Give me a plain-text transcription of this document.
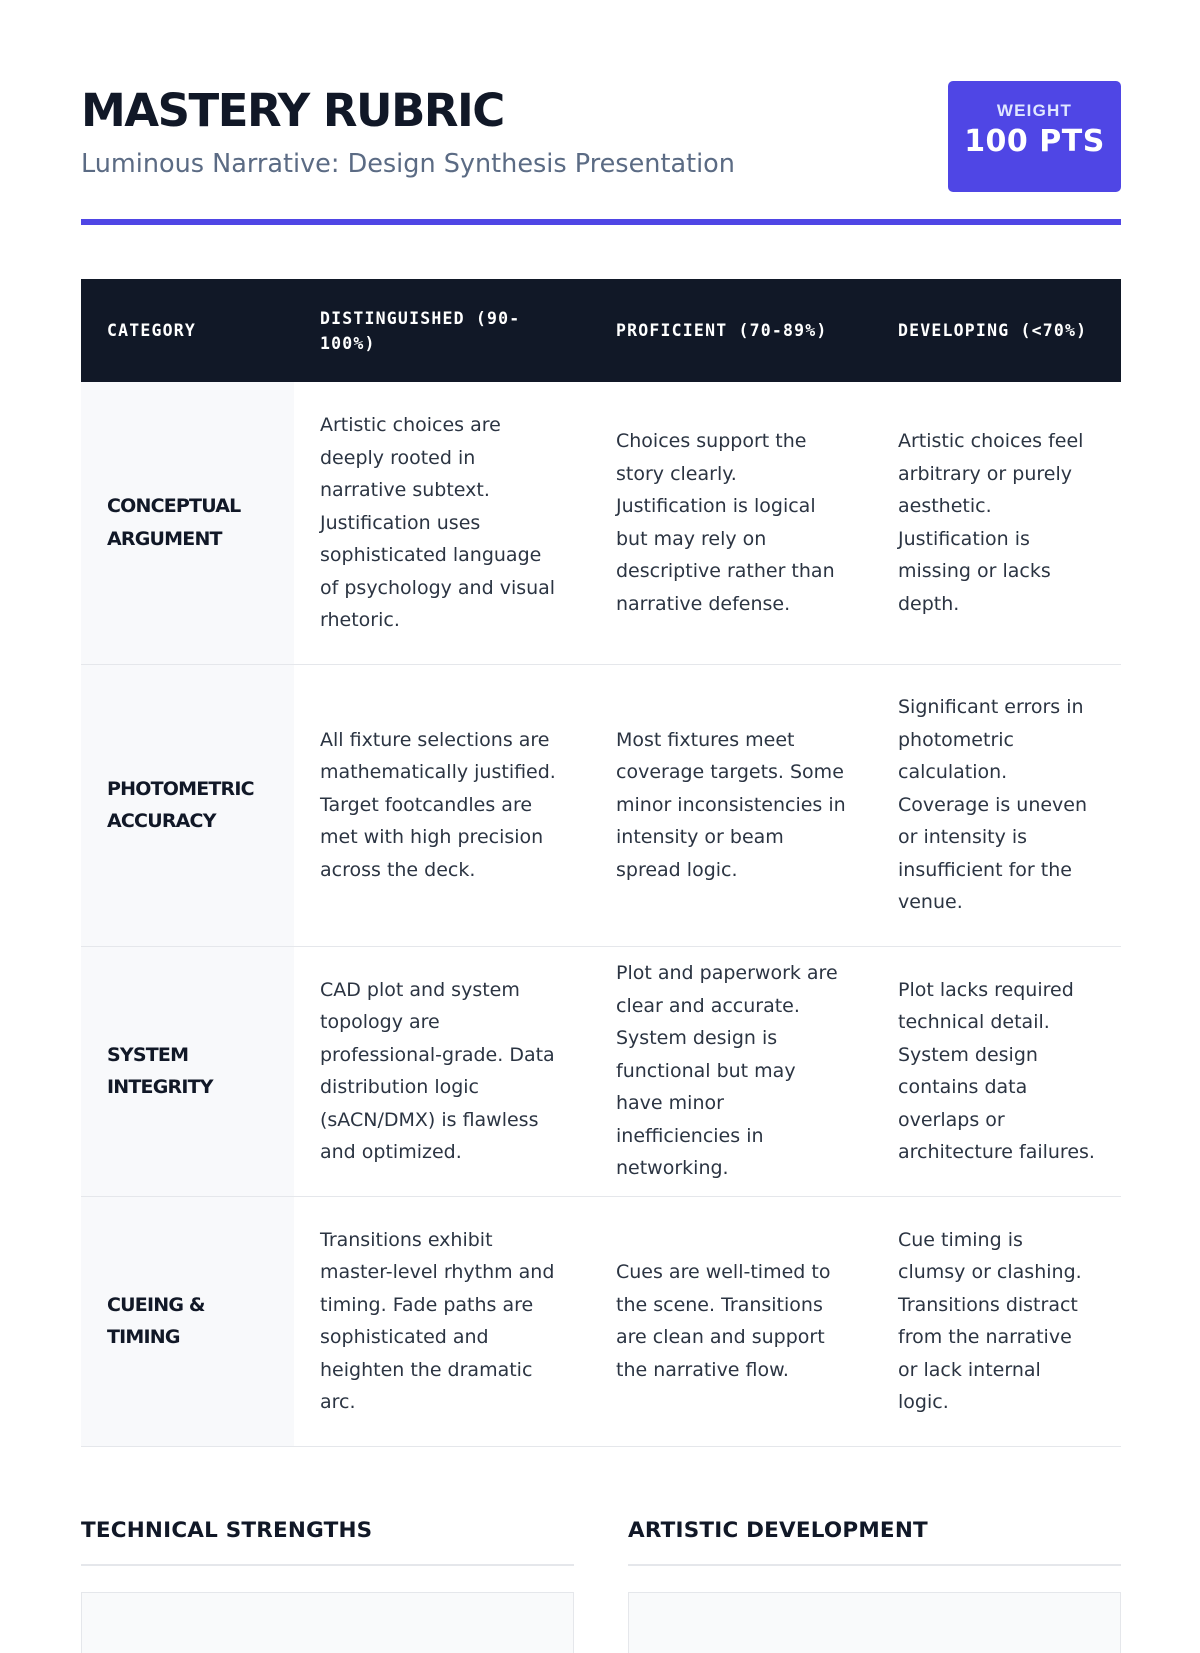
MASTERY RUBRIC

Luminous Narrative: Design Synthesis Presentation

WEIGHT
100 PTS
CATEGORY	DISTINGUISHED (90-100%)	PROFICIENT (70-89%)	DEVELOPING (<70%)
CONCEPTUAL ARGUMENT	Artistic choices are deeply rooted in narrative subtext. Justification uses sophisticated language of psychology and visual rhetoric.	Choices support the story clearly. Justification is logical but may rely on descriptive rather than narrative defense.	Artistic choices feel arbitrary or purely aesthetic. Justification is missing or lacks depth.
PHOTOMETRIC ACCURACY	All fixture selections are mathematically justified. Target footcandles are met with high precision across the deck.	Most fixtures meet coverage targets. Some minor inconsistencies in intensity or beam spread logic.	Significant errors in photometric calculation. Coverage is uneven or intensity is insufficient for the venue.
SYSTEM INTEGRITY	CAD plot and system topology are professional-grade. Data distribution logic (sACN/DMX) is flawless and optimized.	Plot and paperwork are clear and accurate. System design is functional but may have minor inefficiencies in networking.	Plot lacks required technical detail. System design contains data overlaps or architecture failures.
CUEING & TIMING	Transitions exhibit master-level rhythm and timing. Fade paths are sophisticated and heighten the dramatic arc.	Cues are well-timed to the scene. Transitions are clean and support the narrative flow.	Cue timing is clumsy or clashing. Transitions distract from the narrative or lack internal logic.
TECHNICAL STRENGTHS	ARTISTIC DEVELOPMENT
